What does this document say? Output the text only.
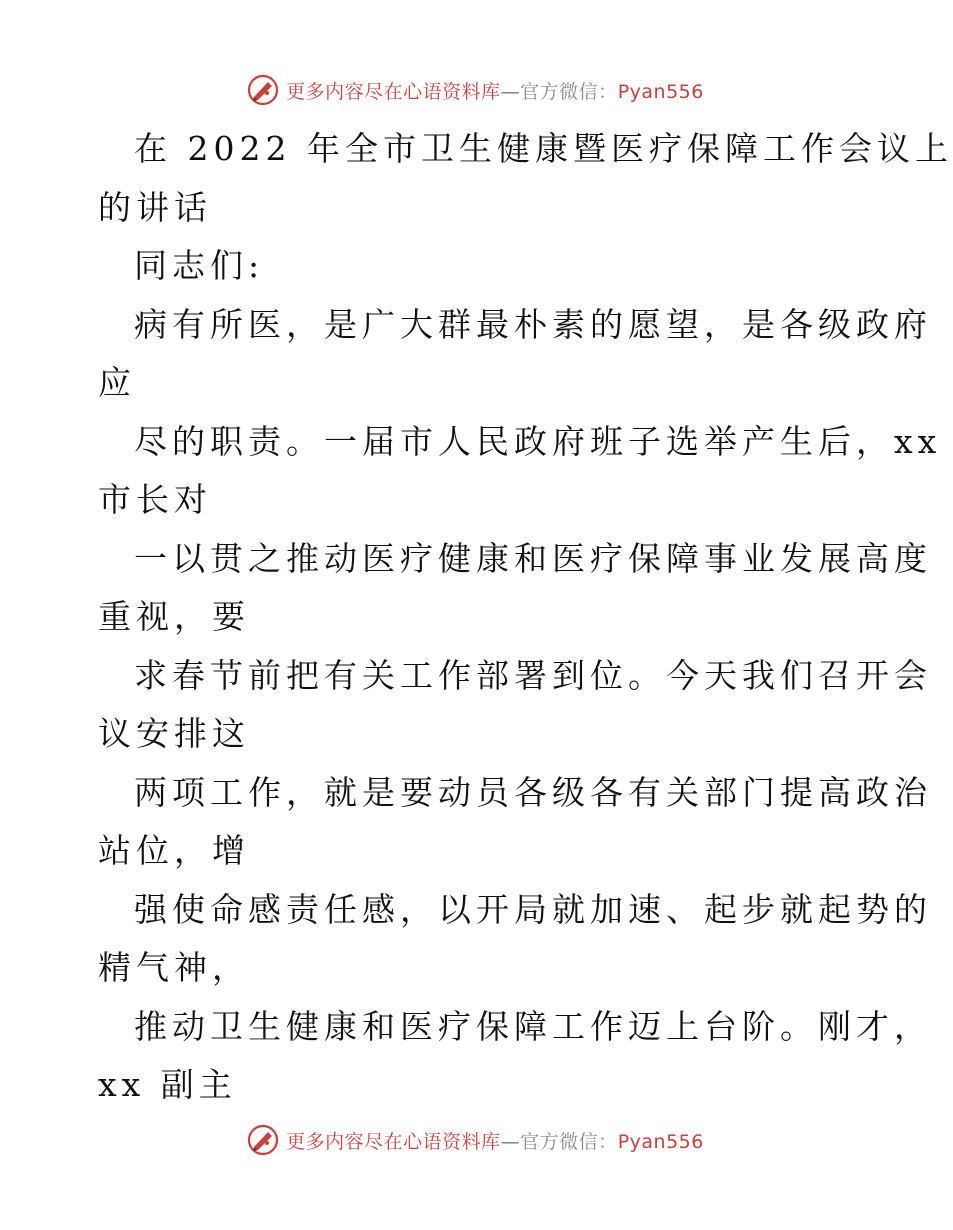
更多内容尽在心语资料库—官方微信：Pyan556
在 2022 年全市卫生健康暨医疗保障工作会议上
的讲话
同志们:
病有所医，是广大群最朴素的愿望，是各级政府
应
尽的职责。一届市人民政府班子选举产生后，xx
市长对
一以贯之推动医疗健康和医疗保障事业发展高度
重视，要
求春节前把有关工作部署到位。今天我们召开会
议安排这
两项工作，就是要动员各级各有关部门提高政治
站位，增
强使命感责任感，以开局就加速、起步就起势的
精气神，
推动卫生健康和医疗保障工作迈上台阶。刚才，
xx 副主
更多内容尽在心语资料库—官方微信：Pyan556
